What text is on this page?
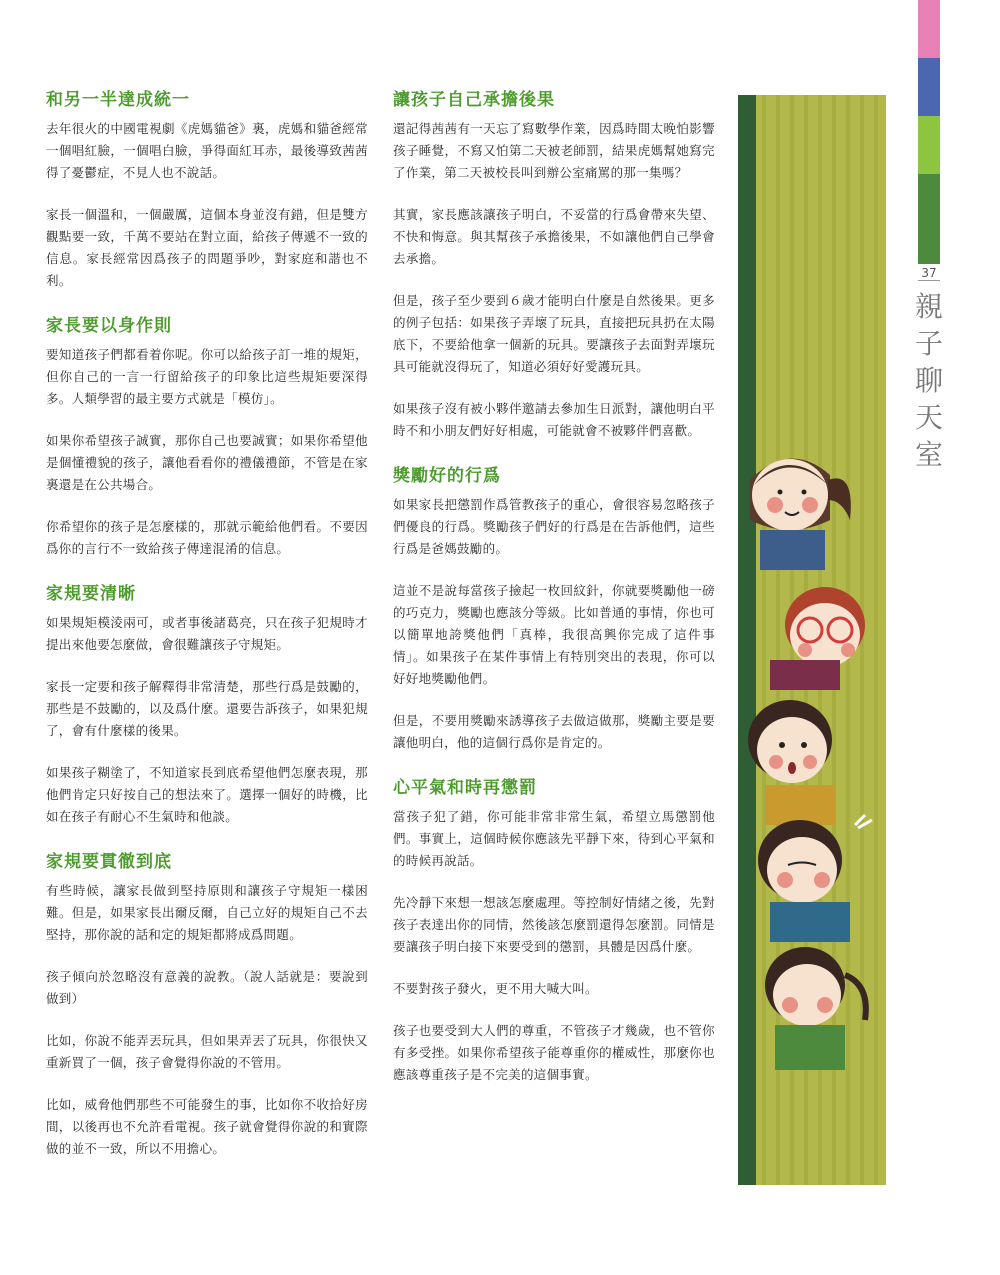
37
親
子
聊
天
室
和另一半達成統一

去年很火的中國電視劇《虎媽貓爸》裏，虎媽和貓爸經常一個唱紅臉，一個唱白臉，爭得面紅耳赤，最後導致茜茜得了憂鬱症，不見人也不說話。

家長一個溫和，一個嚴厲，這個本身並沒有錯，但是雙方觀點要一致，千萬不要站在對立面，給孩子傳遞不一致的信息。家長經常因爲孩子的問題爭吵，對家庭和諧也不利。

家長要以身作則

要知道孩子們都看着你呢。你可以給孩子訂一堆的規矩，但你自己的一言一行留給孩子的印象比這些規矩要深得多。人類學習的最主要方式就是「模仿」。

如果你希望孩子誠實，那你自己也要誠實；如果你希望他是個懂禮貌的孩子，讓他看看你的禮儀禮節，不管是在家裏還是在公共場合。

你希望你的孩子是怎麼樣的，那就示範給他們看。不要因爲你的言行不一致給孩子傳達混淆的信息。

家規要清晰

如果規矩模淩兩可，或者事後諸葛亮，只在孩子犯規時才提出來他要怎麼做，會很難讓孩子守規矩。

家長一定要和孩子解釋得非常清楚，那些行爲是鼓勵的，那些是不鼓勵的，以及爲什麼。還要告訴孩子，如果犯規了，會有什麼樣的後果。

如果孩子糊塗了，不知道家長到底希望他們怎麼表現，那他們肯定只好按自己的想法來了。選擇一個好的時機，比如在孩子有耐心不生氣時和他談。

家規要貫徹到底

有些時候，讓家長做到堅持原則和讓孩子守規矩一樣困難。但是，如果家長出爾反爾，自己立好的規矩自己不去堅持，那你說的話和定的規矩都將成爲問題。

孩子傾向於忽略沒有意義的說教。（說人話就是：要說到做到）

比如，你說不能弄丟玩具，但如果弄丟了玩具，你很快又重新買了一個，孩子會覺得你說的不管用。

比如，威脅他們那些不可能發生的事，比如你不收拾好房間，以後再也不允許看電視。孩子就會覺得你說的和實際做的並不一致，所以不用擔心。

讓孩子自己承擔後果

還記得茜茜有一天忘了寫數學作業，因爲時間太晚怕影響孩子睡覺，不寫又怕第二天被老師罰，結果虎媽幫她寫完了作業，第二天被校長叫到辦公室痛罵的那一集嗎？

其實，家長應該讓孩子明白，不妥當的行爲會帶來失望、不快和悔意。與其幫孩子承擔後果，不如讓他們自己學會去承擔。

但是，孩子至少要到６歲才能明白什麼是自然後果。更多的例子包括：如果孩子弄壞了玩具，直接把玩具扔在太陽底下，不要給他拿一個新的玩具。要讓孩子去面對弄壞玩具可能就沒得玩了，知道必須好好愛護玩具。

如果孩子沒有被小夥伴邀請去參加生日派對，讓他明白平時不和小朋友們好好相處，可能就會不被夥伴們喜歡。

獎勵好的行爲

如果家長把懲罰作爲管教孩子的重心，會很容易忽略孩子們優良的行爲。獎勵孩子們好的行爲是在告訴他們，這些行爲是爸媽鼓勵的。

這並不是說每當孩子撿起一枚回紋針，你就要獎勵他一磅的巧克力，獎勵也應該分等級。比如普通的事情，你也可以簡單地誇獎他們「真棒，我很高興你完成了這件事情」。如果孩子在某件事情上有特別突出的表現，你可以好好地獎勵他們。

但是，不要用獎勵來誘導孩子去做這做那，獎勵主要是要讓他明白，他的這個行爲你是肯定的。

心平氣和時再懲罰

當孩子犯了錯，你可能非常非常生氣，希望立馬懲罰他們。事實上，這個時候你應該先平靜下來，待到心平氣和的時候再說話。

先冷靜下來想一想該怎麼處理。等控制好情緒之後，先對孩子表達出你的同情，然後該怎麼罰還得怎麼罰。同情是要讓孩子明白接下來要受到的懲罰，具體是因爲什麼。

不要對孩子發火，更不用大喊大叫。

孩子也要受到大人們的尊重，不管孩子才幾歲，也不管你有多受挫。如果你希望孩子能尊重你的權威性，那麼你也應該尊重孩子是不完美的這個事實。
